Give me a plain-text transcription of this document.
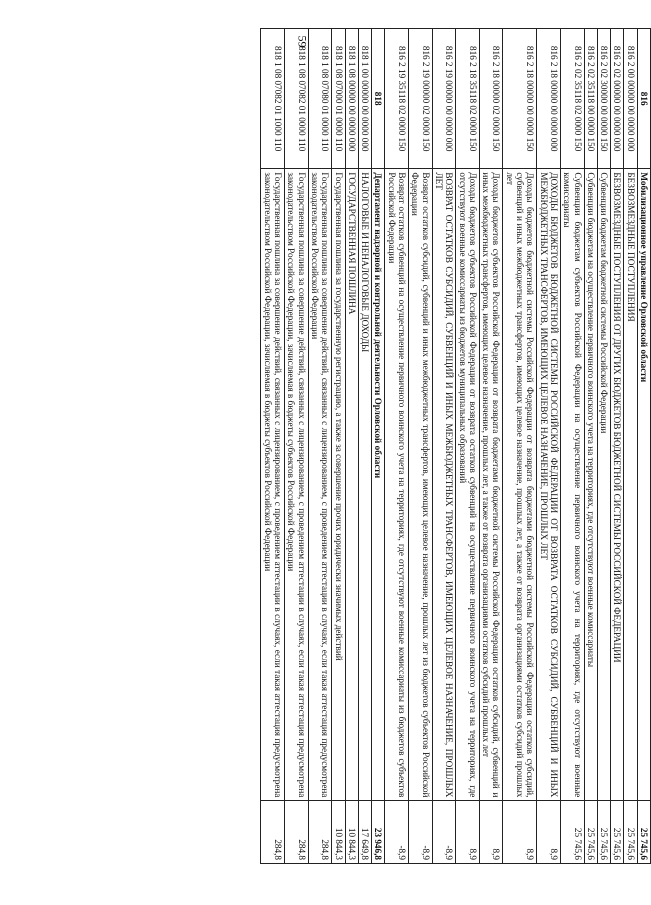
59
816	Мобилизационное управление Орловской области	25 745,6
816 2 00 00000 00 0000 000	БЕЗВОЗМЕЗДНЫЕ ПОСТУПЛЕНИЯ	25 745,6
816 2 02 00000 00 0000 000	БЕЗВОЗМЕЗДНЫЕ ПОСТУПЛЕНИЯ ОТ ДРУГИХ БЮДЖЕТОВ БЮДЖЕТНОЙ СИСТЕМЫ РОССИЙСКОЙ ФЕДЕРАЦИИ	25 745,6
816 2 02 30000 00 0000 150	Субвенции бюджетам бюджетной системы Российской Федерации	25 745,6
816 2 02 35118 00 0000 150	Субвенции бюджетам на осуществление первичного воинского учета на территориях, где отсутствуют военные комиссариаты	25 745,6
816 2 02 35118 02 0000 150	Субвенции бюджетам субъектов Российской Федерации на осуществление первичного воинского учета на территориях, где отсутствуют военные комиссариаты	25 745,6
816 2 18 00000 00 0000 000	ДОХОДЫ БЮДЖЕТОВ БЮДЖЕТНОЙ СИСТЕМЫ РОССИЙСКОЙ ФЕДЕРАЦИИ ОТ ВОЗВРАТА ОСТАТКОВ СУБСИДИЙ, СУБВЕНЦИЙ И ИНЫХ МЕЖБЮДЖЕТНЫХ ТРАНСФЕРТОВ, ИМЕЮЩИХ ЦЕЛЕВОЕ НАЗНАЧЕНИЕ, ПРОШЛЫХ ЛЕТ	8,9
816 2 18 00000 00 0000 150	Доходы бюджетов бюджетной системы Российской Федерации от возврата бюджетами бюджетной системы Российской Федерации остатков субсидий, субвенций и иных межбюджетных трансфертов, имеющих целевое назначение, прошлых лет, а также от возврата организациями остатков субсидий прошлых лет	8,9
816 2 18 00000 02 0000 150	Доходы бюджетов субъектов Российской Федерации от возврата бюджетами бюджетной системы Российской Федерации остатков субсидий, субвенций и иных межбюджетных трансфертов, имеющих целевое назначение, прошлых лет, а также от возврата организациями остатков субсидий прошлых лет	8,9
816 2 18 35118 02 0000 150	Доходы бюджетов субъектов Российской Федерации от возврата остатков субвенций на осуществление первичного воинского учета на территориях, где отсутствуют военные комиссариаты из бюджетов муниципальных образований	8,9
816 2 19 00000 00 0000 000	ВОЗВРАТ ОСТАТКОВ СУБСИДИЙ, СУБВЕНЦИЙ И ИНЫХ МЕЖБЮДЖЕТНЫХ ТРАНСФЕРТОВ, ИМЕЮЩИХ ЦЕЛЕВОЕ НАЗНАЧЕНИЕ, ПРОШЛЫХ ЛЕТ	-8,9
816 2 19 00000 02 0000 150	Возврат остатков субсидий, субвенций и иных межбюджетных трансфертов, имеющих целевое назначение, прошлых лет из бюджетов субъектов Российской Федерации	-8,9
816 2 19 35118 02 0000 150	Возврат остатков субвенций на осуществление первичного воинского учета на территориях, где отсутствуют военные комиссариаты из бюджетов субъектов Российской Федерации	-8,9
818	Департамент надзорной и контрольной деятельности Орловской области	23 946,8
818 1 00 00000 00 0000 000	НАЛОГОВЫЕ И НЕНАЛОГОВЫЕ ДОХОДЫ	17 649,8
818 1 08 00000 00 0000 000	ГОСУДАРСТВЕННАЯ ПОШЛИНА	10 844,3
818 1 08 07000 01 0000 110	Государственная пошлина за государственную регистрацию, а также за совершение прочих юридически значимых действий	10 844,3
818 1 08 07080 01 0000 110	Государственная пошлина за совершение действий, связанных с лицензированием, с проведением аттестации в случаях, если такая аттестация предусмотрена законодательством Российской Федерации	284,8
818 1 08 07082 01 0000 110	Государственная пошлина за совершение действий, связанных с лицензированием, с проведением аттестации в случаях, если такая аттестация предусмотрена законодательством Российской Федерации, зачисляемая в бюджеты субъектов Российской Федерации	284,8
818 1 08 07082 01 1000 110	Государственная пошлина за совершение действий, связанных с лицензированием, с проведением аттестации в случаях, если такая аттестация предусмотрена законодательством Российской Федерации, зачисляемая в бюджеты субъектов Российской Федерации	284,8
